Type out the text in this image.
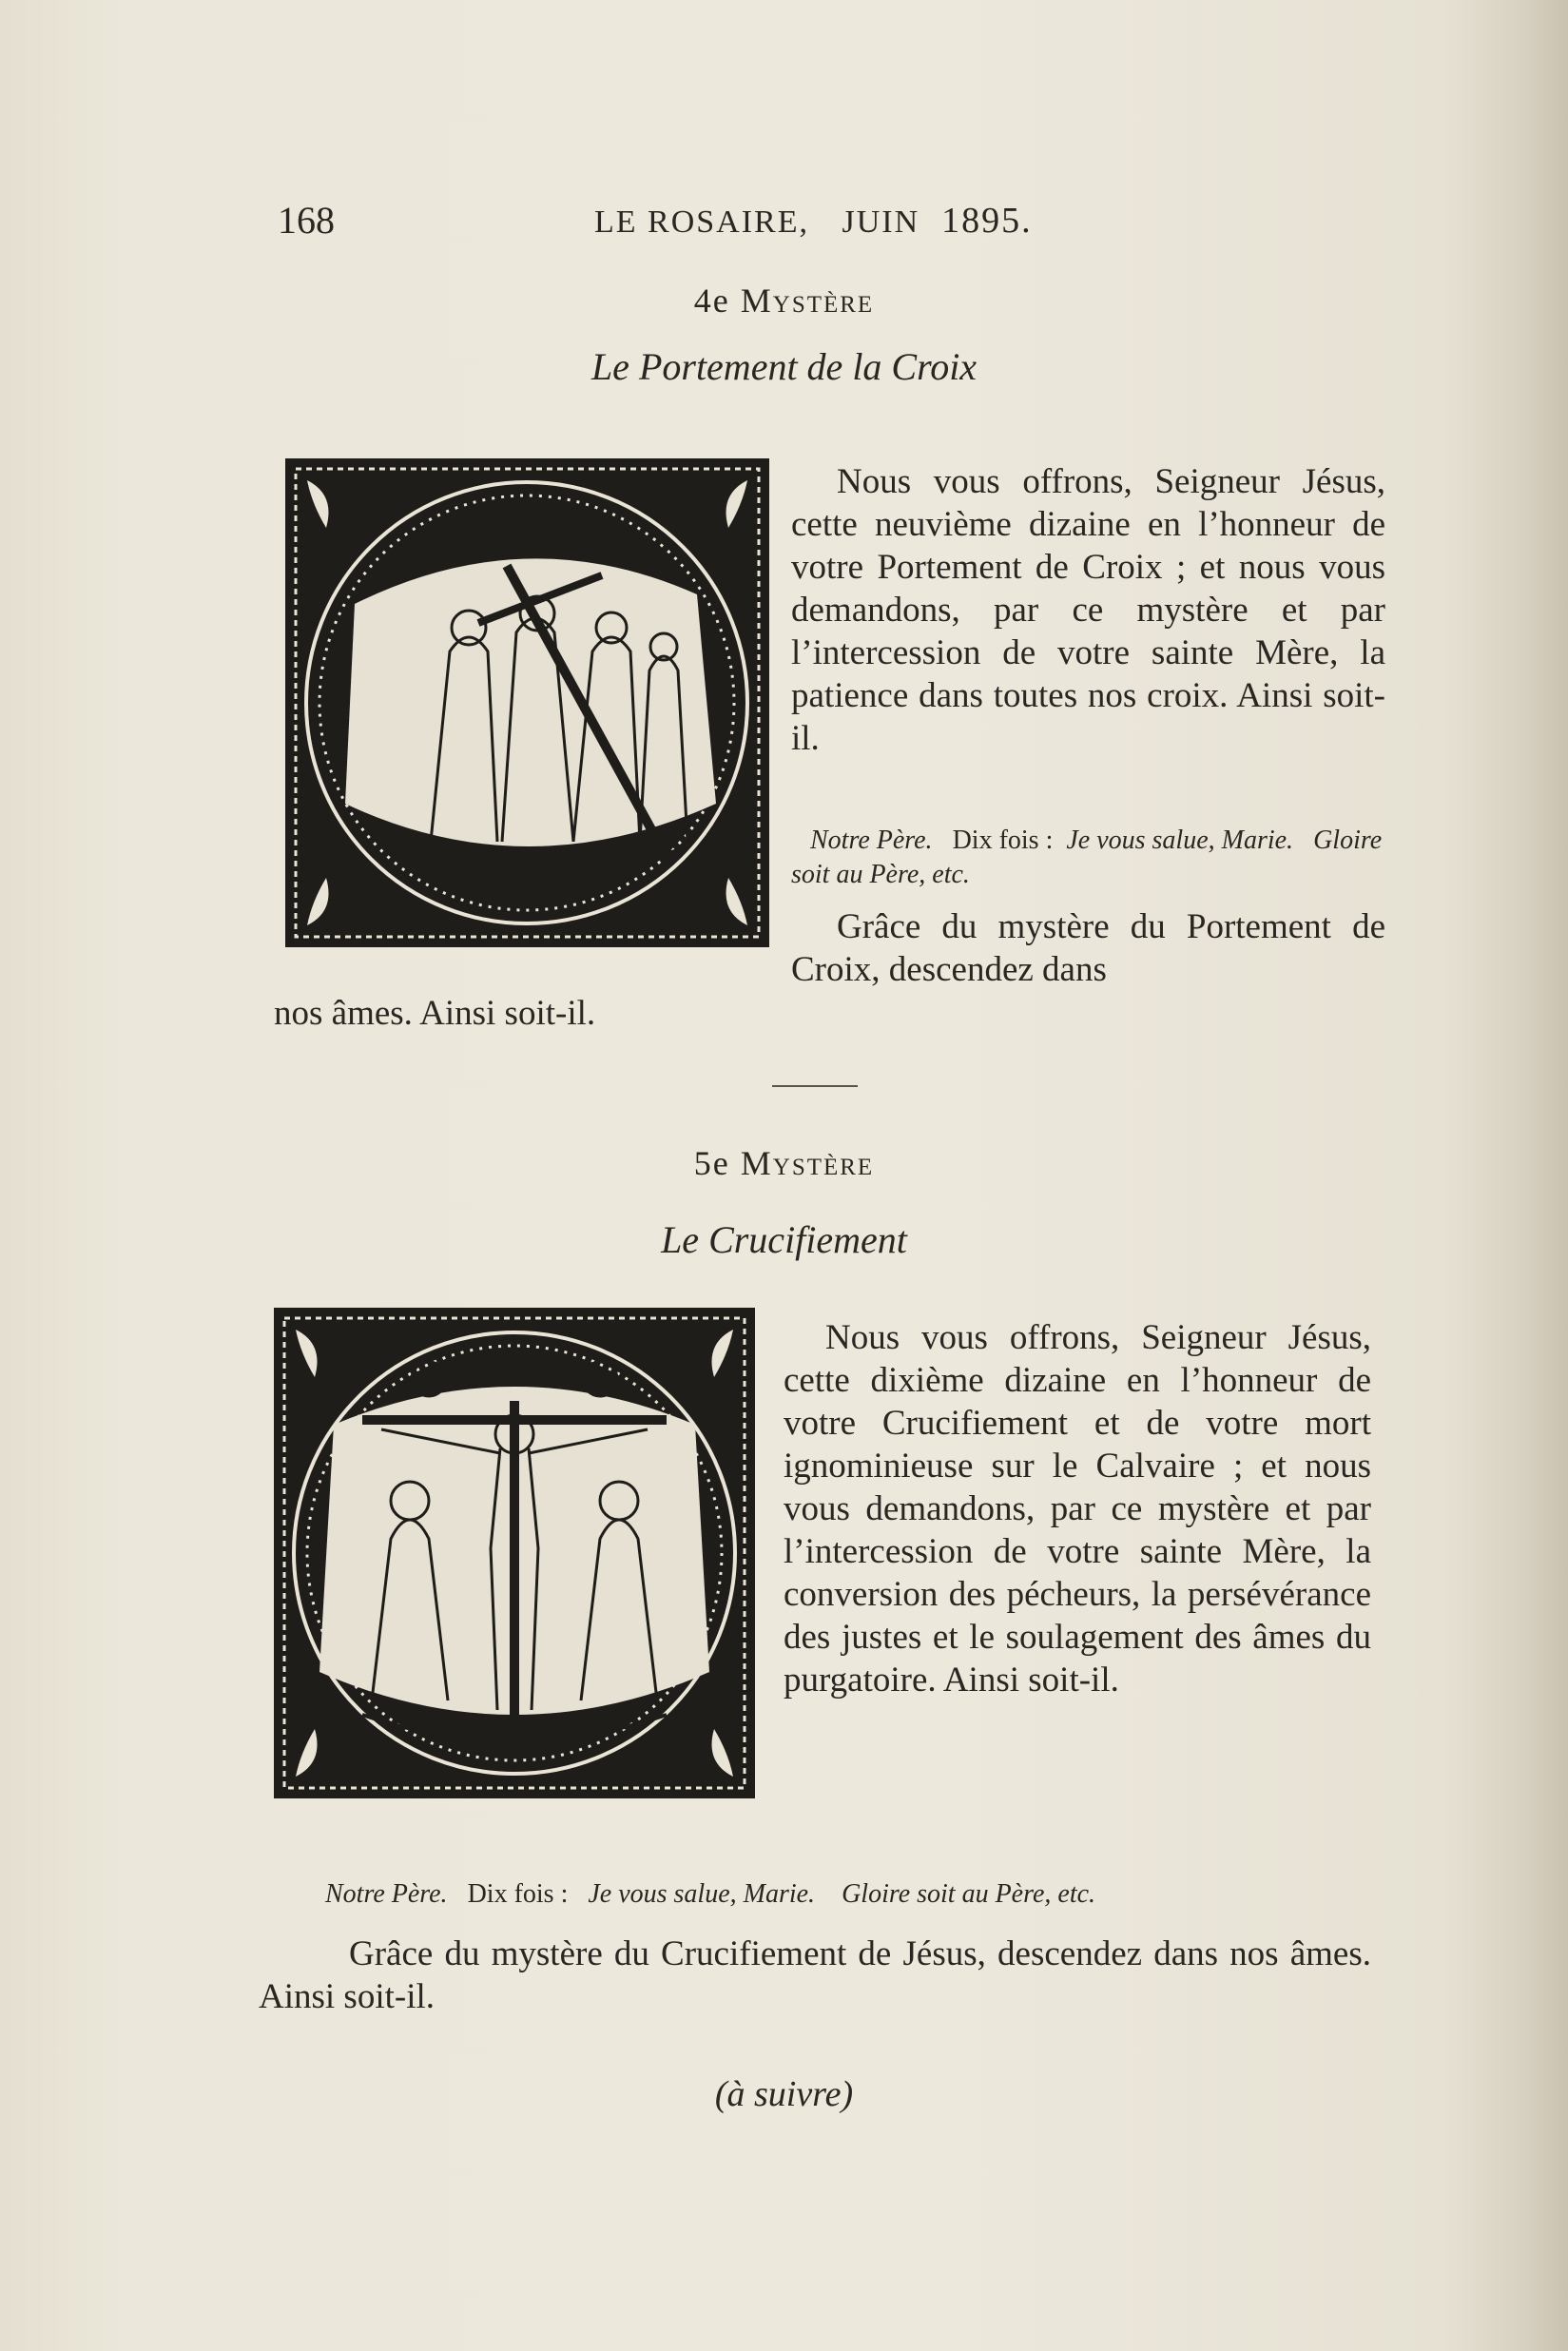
168	LE ROSAIRE, JUIN 1895.
4e Mystère
Le Portement de la Croix
Nous vous offrons, Seigneur Jésus, cette neuvième dizaine en l’honneur de votre Portement de Croix ; et nous vous demandons, par ce mystère et par l’intercession de votre sainte Mère, la patience dans toutes nos croix. Ainsi soit-il.
Notre Père. Dix fois : Je vous salue, Marie. Gloire soit au Père, etc.
Grâce du mystère du Portement de Croix, descendez dans
nos âmes. Ainsi soit-il.
5e Mystère
Le Crucifiement
Nous vous offrons, Seigneur Jésus, cette dixième dizaine en l’honneur de votre Crucifiement et de votre mort ignominieuse sur le Calvaire ; et nous vous demandons, par ce mystère et par l’intercession de votre sainte Mère, la conversion des pécheurs, la persévérance des justes et le soulagement des âmes du purgatoire. Ainsi soit-il.
Notre Père. Dix fois : Je vous salue, Marie. Gloire soit au Père, etc.
Grâce du mystère du Crucifiement de Jésus, descendez dans nos âmes. Ainsi soit-il.
(à suivre)
